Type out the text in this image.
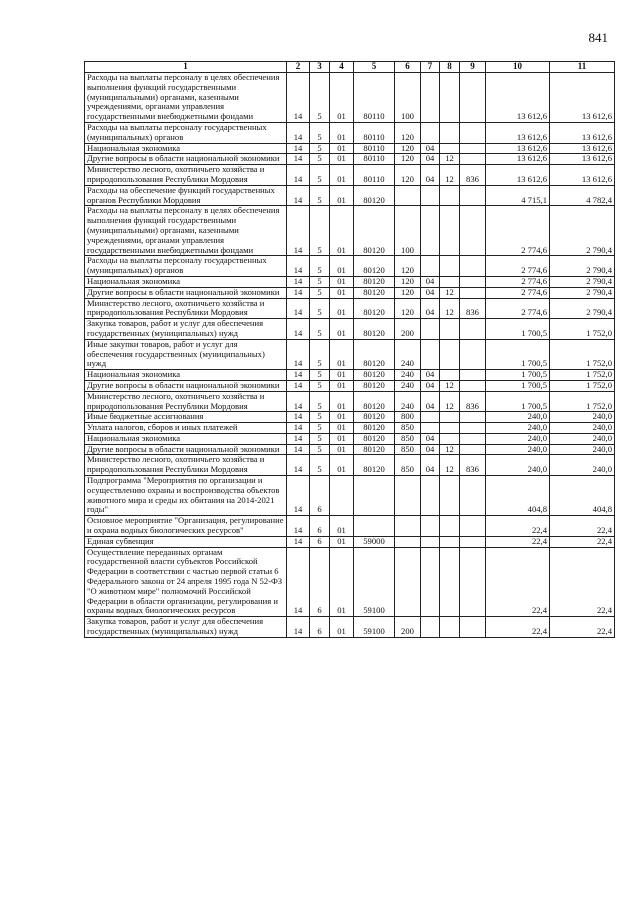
841
1	2	3	4	5	6	7	8	9	10	11
Расходы на выплаты персоналу в целях обеспечения выполнения функций государственными (муниципальными) органами, казенными учреждениями, органами управления государственными внебюджетными фондами	14	5	01	80110	100				13 612,6	13 612,6
Расходы на выплаты персоналу государственных (муниципальных) органов	14	5	01	80110	120				13 612,6	13 612,6
Национальная экономика	14	5	01	80110	120	04			13 612,6	13 612,6
Другие вопросы в области национальной экономики	14	5	01	80110	120	04	12		13 612,6	13 612,6
Министерство лесного, охотничьего хозяйства и природопользования Республики Мордовия	14	5	01	80110	120	04	12	836	13 612,6	13 612,6
Расходы на обеспечение функций государственных органов Республики Мордовия	14	5	01	80120					4 715,1	4 782,4
Расходы на выплаты персоналу в целях обеспечения выполнения функций государственными (муниципальными) органами, казенными учреждениями, органами управления государственными внебюджетными фондами	14	5	01	80120	100				2 774,6	2 790,4
Расходы на выплаты персоналу государственных (муниципальных) органов	14	5	01	80120	120				2 774,6	2 790,4
Национальная экономика	14	5	01	80120	120	04			2 774,6	2 790,4
Другие вопросы в области национальной экономики	14	5	01	80120	120	04	12		2 774,6	2 790,4
Министерство лесного, охотничьего хозяйства и природопользования Республики Мордовия	14	5	01	80120	120	04	12	836	2 774,6	2 790,4
Закупка товаров, работ и услуг для обеспечения государственных (муниципальных) нужд	14	5	01	80120	200				1 700,5	1 752,0
Иные закупки товаров, работ и услуг для обеспечения государственных (муниципальных) нужд	14	5	01	80120	240				1 700,5	1 752,0
Национальная экономика	14	5	01	80120	240	04			1 700,5	1 752,0
Другие вопросы в области национальной экономики	14	5	01	80120	240	04	12		1 700,5	1 752,0
Министерство лесного, охотничьего хозяйства и природопользования Республики Мордовия	14	5	01	80120	240	04	12	836	1 700,5	1 752,0
Иные бюджетные ассигнования	14	5	01	80120	800				240,0	240,0
Уплата налогов, сборов и иных платежей	14	5	01	80120	850				240,0	240,0
Национальная экономика	14	5	01	80120	850	04			240,0	240,0
Другие вопросы в области национальной экономики	14	5	01	80120	850	04	12		240,0	240,0
Министерство лесного, охотничьего хозяйства и природопользования Республики Мордовия	14	5	01	80120	850	04	12	836	240,0	240,0
Подпрограмма "Мероприятия по организации и осуществлению охраны и воспроизводства объектов животного мира и среды их обитания на 2014-2021 годы"	14	6							404,8	404,8
Основное мероприятие "Организация, регулирование и охрана водных биологических ресурсов"	14	6	01						22,4	22,4
Единая субвенция	14	6	01	59000					22,4	22,4
Осуществление переданных органам государственной власти субъектов Российской Федерации в соответствии с частью первой статьи 6 Федерального закона от 24 апреля 1995 года N 52-ФЗ "О животном мире" полномочий Российской Федерации в области организации, регулирования и охраны водных биологических ресурсов	14	6	01	59100					22,4	22,4
Закупка товаров, работ и услуг для обеспечения государственных (муниципальных) нужд	14	6	01	59100	200				22,4	22,4
